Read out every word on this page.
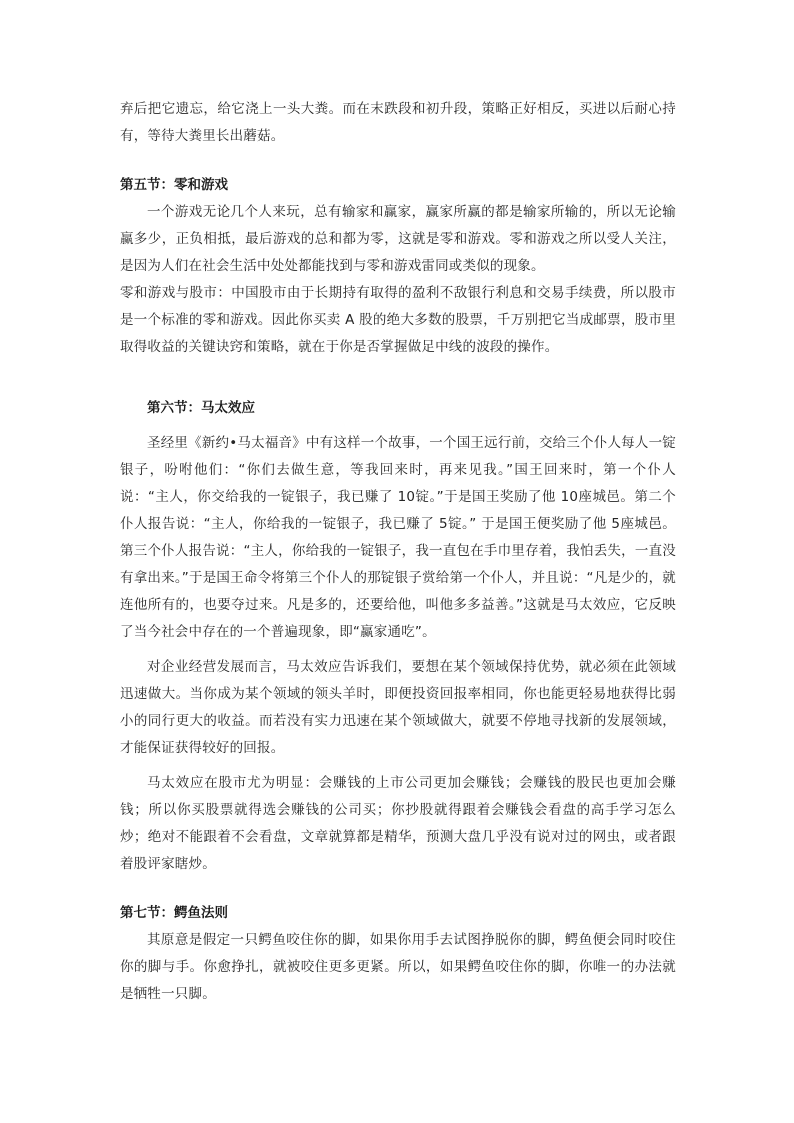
弃后把它遗忘，给它浇上一头大粪。而在末跌段和初升段，策略正好相反，买进以后耐心持有，等待大粪里长出蘑菇。

第五节：零和游戏

一个游戏无论几个人来玩，总有输家和赢家，赢家所赢的都是输家所输的，所以无论输赢多少，正负相抵，最后游戏的总和都为零，这就是零和游戏。零和游戏之所以受人关注，是因为人们在社会生活中处处都能找到与零和游戏雷同或类似的现象。

零和游戏与股市：中国股市由于长期持有取得的盈利不敌银行利息和交易手续费，所以股市是一个标准的零和游戏。因此你买卖 A 股的绝大多数的股票，千万别把它当成邮票，股市里取得收益的关键诀窍和策略，就在于你是否掌握做足中线的波段的操作。

第六节：马太效应

圣经里《新约•马太福音》中有这样一个故事，一个国王远行前，交给三个仆人每人一锭银子，吩咐他们：“你们去做生意，等我回来时，再来见我。”国王回来时，第一个仆人说：“主人，你交给我的一锭银子，我已赚了 10锭。”于是国王奖励了他 10座城邑。第二个仆人报告说：“主人，你给我的一锭银子，我已赚了 5锭。” 于是国王便奖励了他 5座城邑。第三个仆人报告说：“主人，你给我的一锭银子，我一直包在手巾里存着，我怕丢失，一直没有拿出来。”于是国王命令将第三个仆人的那锭银子赏给第一个仆人，并且说：“凡是少的，就连他所有的，也要夺过来。凡是多的，还要给他，叫他多多益善。”这就是马太效应，它反映了当今社会中存在的一个普遍现象，即“赢家通吃”。

对企业经营发展而言，马太效应告诉我们，要想在某个领域保持优势，就必须在此领域迅速做大。当你成为某个领域的领头羊时，即便投资回报率相同，你也能更轻易地获得比弱小的同行更大的收益。而若没有实力迅速在某个领域做大，就要不停地寻找新的发展领域，才能保证获得较好的回报。

马太效应在股市尤为明显：会赚钱的上市公司更加会赚钱；会赚钱的股民也更加会赚钱；所以你买股票就得选会赚钱的公司买；你抄股就得跟着会赚钱会看盘的高手学习怎么炒；绝对不能跟着不会看盘，文章就算都是精华，预测大盘几乎没有说对过的网虫，或者跟着股评家瞎炒。

第七节：鳄鱼法则

其原意是假定一只鳄鱼咬住你的脚，如果你用手去试图挣脱你的脚，鳄鱼便会同时咬住你的脚与手。你愈挣扎，就被咬住更多更紧。所以，如果鳄鱼咬住你的脚，你唯一的办法就是牺牲一只脚。
